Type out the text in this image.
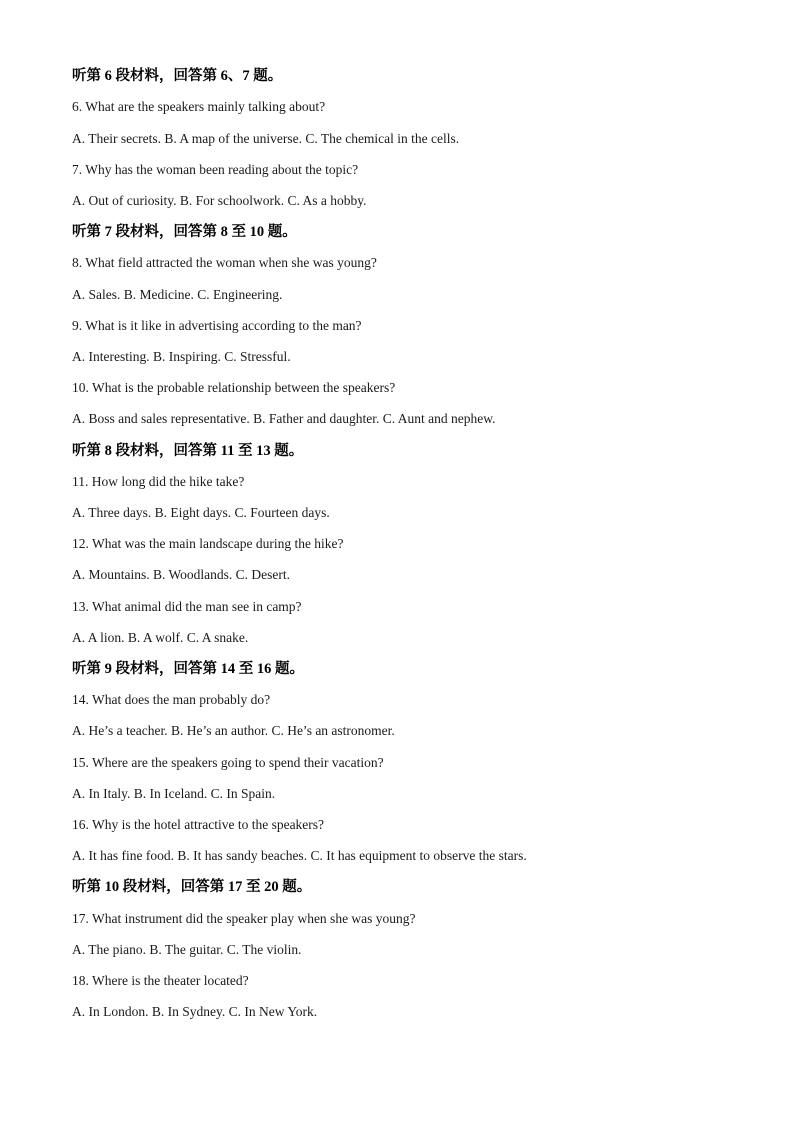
听第 6 段材料，回答第 6、7 题。
6. What are the speakers mainly talking about?
A. Their secrets. B. A map of the universe. C. The chemical in the cells.
7. Why has the woman been reading about the topic?
A. Out of curiosity. B. For schoolwork. C. As a hobby.
听第 7 段材料，回答第 8 至 10 题。
8. What field attracted the woman when she was young?
A. Sales. B. Medicine. C. Engineering.
9. What is it like in advertising according to the man?
A. Interesting. B. Inspiring. C. Stressful.
10. What is the probable relationship between the speakers?
A. Boss and sales representative. B. Father and daughter. C. Aunt and nephew.
听第 8 段材料，回答第 11 至 13 题。
11. How long did the hike take?
A. Three days. B. Eight days. C. Fourteen days.
12. What was the main landscape during the hike?
A. Mountains. B. Woodlands. C. Desert.
13. What animal did the man see in camp?
A. A lion. B. A wolf. C. A snake.
听第 9 段材料，回答第 14 至 16 题。
14. What does the man probably do?
A. He’s a teacher. B. He’s an author. C. He’s an astronomer.
15. Where are the speakers going to spend their vacation?
A. In Italy. B. In Iceland. C. In Spain.
16. Why is the hotel attractive to the speakers?
A. It has fine food. B. It has sandy beaches. C. It has equipment to observe the stars.
听第 10 段材料，回答第 17 至 20 题。
17. What instrument did the speaker play when she was young?
A. The piano. B. The guitar. C. The violin.
18. Where is the theater located?
A. In London. B. In Sydney. C. In New York.
